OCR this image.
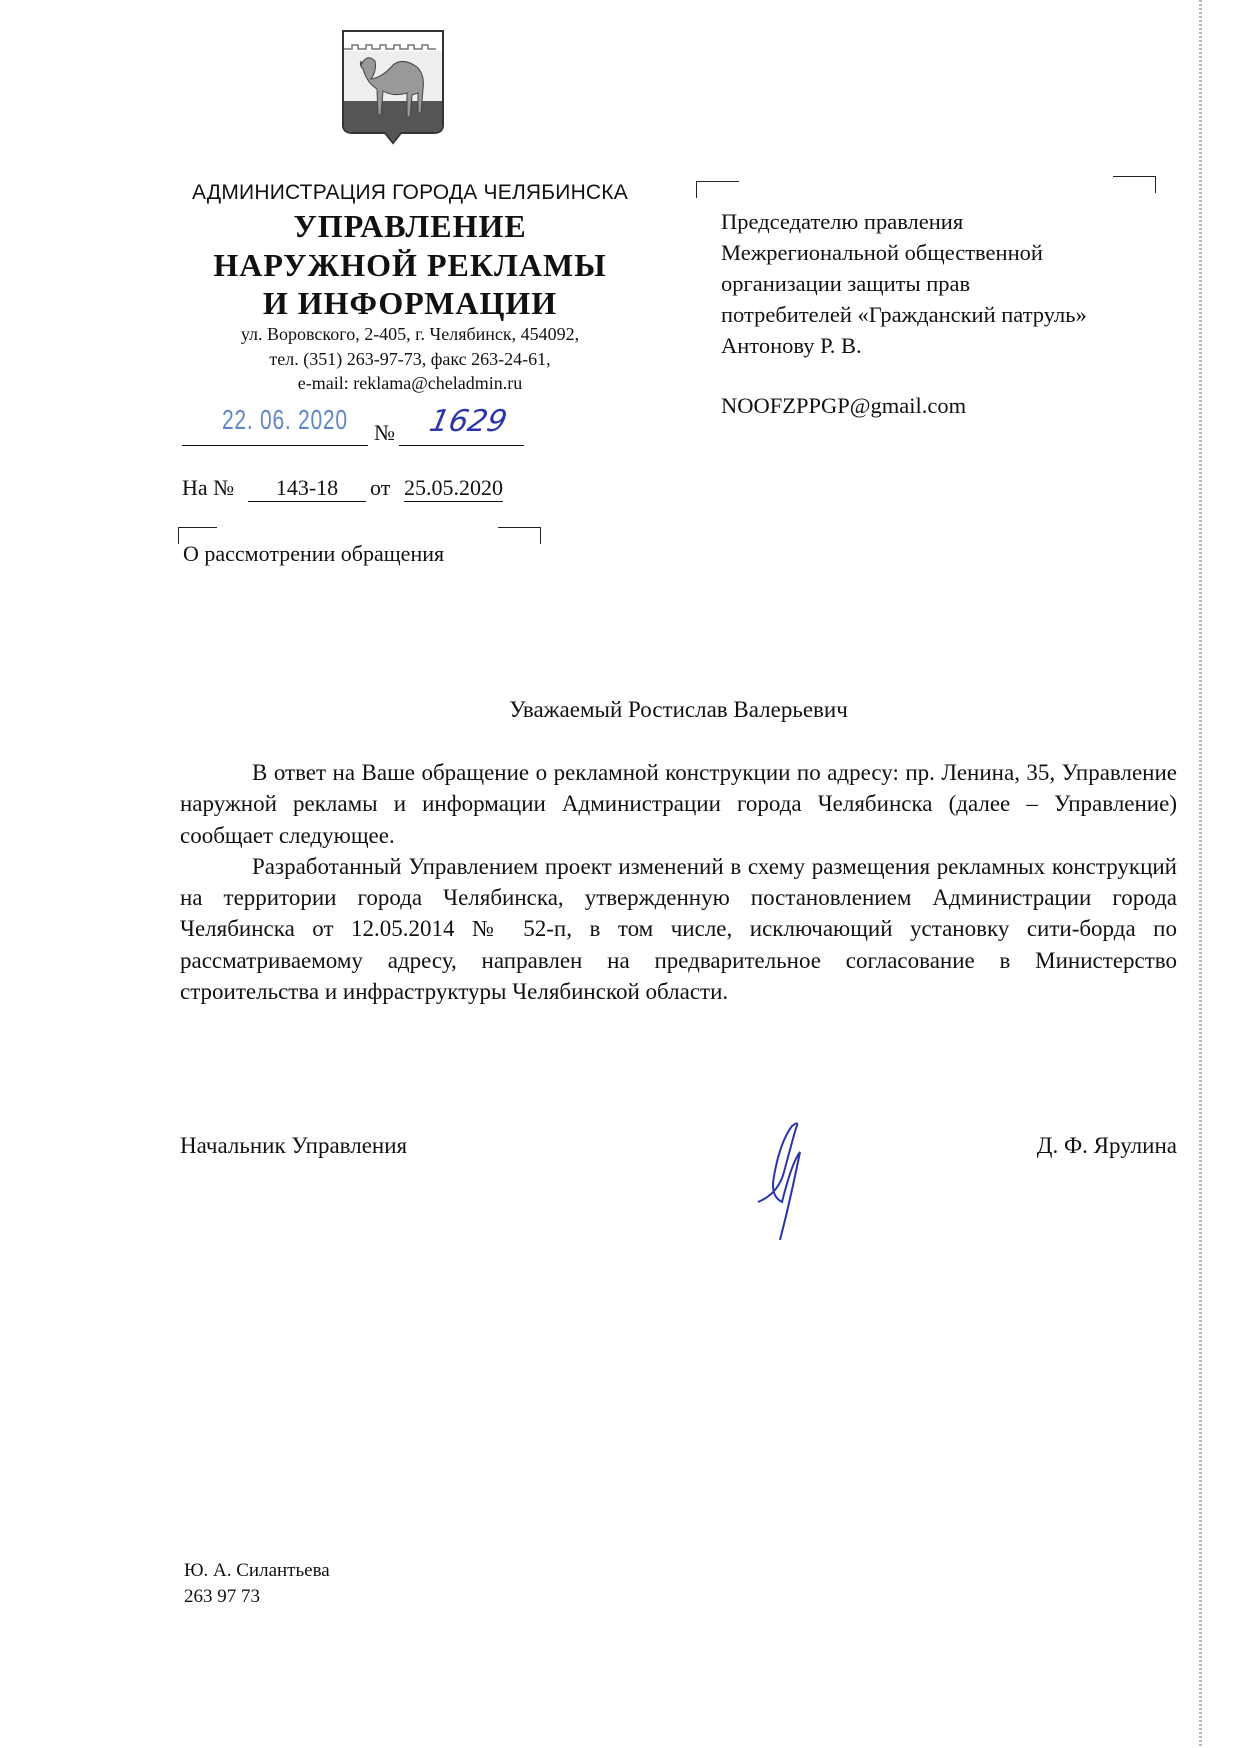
АДМИНИСТРАЦИЯ ГОРОДА ЧЕЛЯБИНСКА
УПРАВЛЕНИЕ
НАРУЖНОЙ РЕКЛАМЫ
И ИНФОРМАЦИИ
ул. Воровского, 2-405, г. Челябинск, 454092,
тел. (351) 263-97-73, факс 263-24-61,
e-mail: reklama@cheladmin.ru
22. 06. 2020 № 1629
На №	143-18	от 25.05.2020
О рассмотрении обращения
Председателю правления
Межрегиональной общественной
организации защиты прав
потребителей «Гражданский патруль»
Антонову Р. В.
NOOFZPPGP@gmail.com
Уважаемый Ростислав Валерьевич

В ответ на Ваше обращение о рекламной конструкции по адресу: пр. Ленина, 35, Управление наружной рекламы и информации Администрации города Челябинска (далее – Управление) сообщает следующее.

Разработанный Управлением проект изменений в схему размещения рекламных конструкций на территории города Челябинска, утвержденную постановлением Администрации города Челябинска от 12.05.2014 № 52-п, в том числе, исключающий установку сити-борда по рассматриваемому адресу, направлен на предварительное согласование в Министерство строительства и инфраструктуры Челябинской области.

Начальник Управления	Д. Ф. Ярулина
Ю. А. Силантьева
263 97 73
